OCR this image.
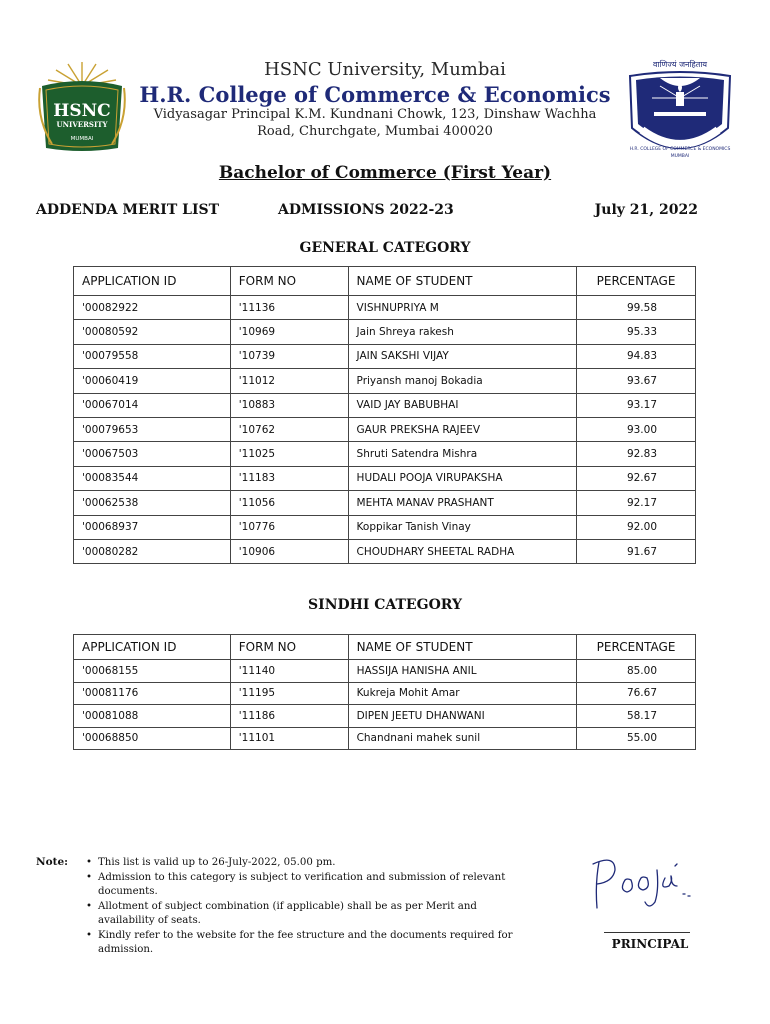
HSNC
UNIVERSITY
MUMBAI
वाणिज्यं जनहिताय
H.R. COLLEGE OF COMMERCE & ECONOMICS
MUMBAI
HSNC University, Mumbai
H.R. College of Commerce & Economics
Vidyasagar Principal K.M. Kundnani Chowk, 123, Dinshaw Wachha
Road, Churchgate, Mumbai 400020
Bachelor of Commerce (First Year)
ADDENDA MERIT LIST	ADMISSIONS 2022-23	July 21, 2022
GENERAL CATEGORY
APPLICATION ID	FORM NO	NAME OF STUDENT	PERCENTAGE
'00082922	'11136	VISHNUPRIYA M	99.58
'00080592	'10969	Jain Shreya rakesh	95.33
'00079558	'10739	JAIN SAKSHI VIJAY	94.83
'00060419	'11012	Priyansh manoj Bokadia	93.67
'00067014	'10883	VAID JAY BABUBHAI	93.17
'00079653	'10762	GAUR PREKSHA RAJEEV	93.00
'00067503	'11025	Shruti Satendra Mishra	92.83
'00083544	'11183	HUDALI POOJA VIRUPAKSHA	92.67
'00062538	'11056	MEHTA MANAV PRASHANT	92.17
'00068937	'10776	Koppikar Tanish Vinay	92.00
'00080282	'10906	CHOUDHARY SHEETAL RADHA	91.67
SINDHI CATEGORY
APPLICATION ID	FORM NO	NAME OF STUDENT	PERCENTAGE
'00068155	'11140	HASSIJA HANISHA ANIL	85.00
'00081176	'11195	Kukreja Mohit Amar	76.67
'00081088	'11186	DIPEN JEETU DHANWANI	58.17
'00068850	'11101	Chandnani mahek sunil	55.00
Note: • This list is valid up to 26-July-2022, 05.00 pm.
• Admission to this category is subject to verification and submission of relevant documents.
• Allotment of subject combination (if applicable) shall be as per Merit and availability of seats.
• Kindly refer to the website for the fee structure and the documents required for admission.	PRINCIPAL
